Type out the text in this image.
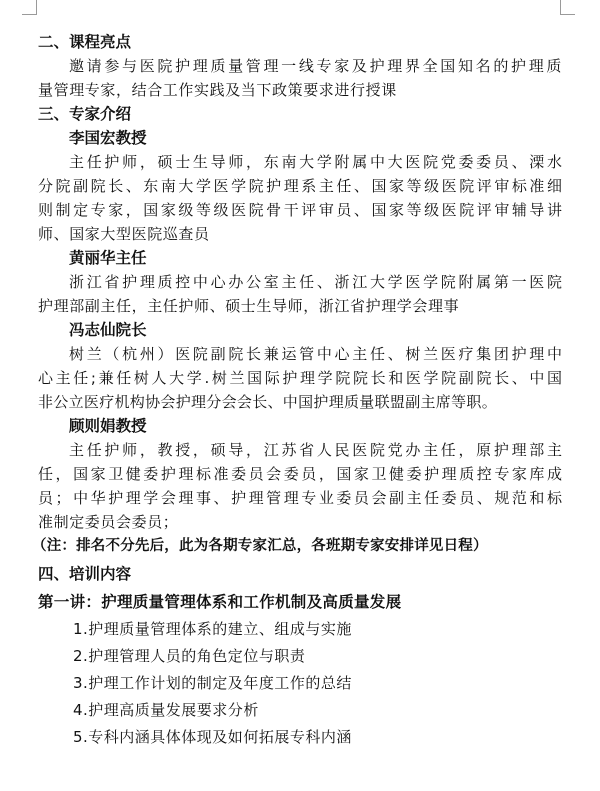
二、课程亮点
邀请参与医院护理质量管理一线专家及护理界全国知名的护理质
量管理专家，结合工作实践及当下政策要求进行授课
三、专家介绍
李国宏教授
主任护师，硕士生导师，东南大学附属中大医院党委委员、溧水
分院副院长、东南大学医学院护理系主任、国家等级医院评审标准细
则制定专家，国家级等级医院骨干评审员、国家等级医院评审辅导讲
师、国家大型医院巡查员
黄丽华主任
浙江省护理质控中心办公室主任、浙江大学医学院附属第一医院
护理部副主任，主任护师、硕士生导师，浙江省护理学会理事
冯志仙院长
树兰（杭州）医院副院长兼运管中心主任、树兰医疗集团护理中
心主任;兼任树人大学.树兰国际护理学院院长和医学院副院长、中国
非公立医疗机构协会护理分会会长、中国护理质量联盟副主席等职。
顾则娟教授
主任护师，教授，硕导，江苏省人民医院党办主任，原护理部主
任，国家卫健委护理标准委员会委员，国家卫健委护理质控专家库成
员；中华护理学会理事、护理管理专业委员会副主任委员、规范和标
准制定委员会委员；
（注：排名不分先后，此为各期专家汇总，各班期专家安排详见日程）
四、培训内容
第一讲：护理质量管理体系和工作机制及高质量发展
1.护理质量管理体系的建立、组成与实施
2.护理管理人员的角色定位与职责
3.护理工作计划的制定及年度工作的总结
4.护理高质量发展要求分析
5.专科内涵具体体现及如何拓展专科内涵
